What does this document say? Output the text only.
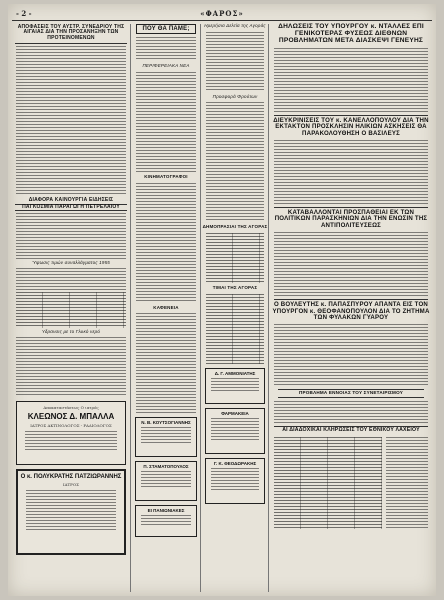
- 2 -	«ΦΑΡΟΣ»
ΑΠΟΦΑΣΕΙΣ ΤΟΥ ΑΥΣΤΡ. ΣΥΝΕΔΡΙΟΥ ΤΗΣ ΑΙΓΑΙΑΣ ΔΙΑ ΤΗΝ ΠΡΟΣΑΝΗΞΗΝ ΤΩΝ ΠΡΟΤΕΙΝΟΜΕΝΩΝ
ΔΙΑΦΟΡΑ ΚΑΙΝΟΥΡΓΙΑ ΕΙΔΗΣΕΙΣ
ΠΑΓΚΟΣΜΙΑ ΠΑΡΑΓΩΓΗ ΠΕΤΡΕΛΑΙΟΥ
Ύψωσις τιμών συναλλάγματος 1955
Υδρανσις με το Γλυκό νερό
Αποκαταστάσεως Ο ιατρός
ΚΛΕΩΝΟΣ Δ. ΜΠΑΛΛΑ
ΙΑΤΡΟΣ ΑΚΤΙΝΟΛΟΓΟΣ - ΡΑΔΙΟΛΟΓΟΣ
Ο κ. ΠΟΛΥΚΡΑΤΗΣ ΠΑΤΖΙΩΡΑΝΝΗΣ
ΙΑΤΡΟΣ
ΠΟΥ ΘΑ ΠΑΜΕ;
ΠΕΡΙΦΕΡΕΙΑΚΑ ΝΕΑ
ΚΙΝΗΜΑΤΟΓΡΑΦΟΙ
ΚΑΦΕΝΕΙΑ
Ν. Β. ΚΟΥΤΣΟΓΙΑΝΝΗΣ
Π. ΣΤΑΜΑΤΟΠΟΥΛΟΣ
ΕΙ ΠΑΝΙΩΝΙΑΚΕΣ
Ημερήσια Δελτία της Αγοράς
Προσφορά Φρούτων
ΔΗΜΟΠΡΑΣΙΑΙ ΤΗΣ ΑΓΟΡΑΣ
ΤΙΜΑΙ ΤΗΣ ΑΓΟΡΑΣ
Δ. Γ. ΑΜΜΟΝΙΑΤΗΣ
ΦΑΡΜΑΚΕΙΑ
Γ. Κ. ΘΕΟΔΩΡΑΚΗΣ
ΔΗΛΩΣΕΙΣ ΤΟΥ ΥΠΟΥΡΓΟΥ κ. ΝΤΑΛΛΕΣ ΕΠΙ ΓΕΝΙΚΟΤΕΡΑΣ ΦΥΣΕΩΣ ΔΙΕΘΝΩΝ ΠΡΟΒΛΗΜΑΤΩΝ ΜΕΤΑ ΔΙΑΣΚΕΨΙ ΓΕΝΕΥΗΣ
ΔΙΕΥΚΡΙΝΙΣΕΙΣ ΤΟΥ κ. ΚΑΝΕΛΛΟΠΟΥΛΟΥ ΔΙΑ ΤΗΝ ΕΚΤΑΚΤΟΝ ΠΡΟΣΚΛΗΣΙΝ ΗΛΙΚΙΩΝ ΑΣΚΗΣΕΙΣ ΘΑ ΠΑΡΑΚΟΛΟΥΘΗΣΗ Ο ΒΑΣΙΛΕΥΣ
ΚΑΤΑΒΑΛΛΟΝΤΑΙ ΠΡΟΣΠΑΘΕΙΑΙ ΕΚ ΤΩΝ ΠΟΛΙΤΙΚΩΝ ΠΑΡΑΣΚΗΝΙΩΝ ΔΙΑ ΤΗΝ ΕΝΩΣΙΝ ΤΗΣ ΑΝΤΙΠΟΛΙΤΕΥΣΕΩΣ
Ο ΒΟΥΛΕΥΤΗΣ κ. ΠΑΠΑΣΠΥΡΟΥ ΑΠΑΝΤΑ ΕΙΣ ΤΟΝ ΥΠΟΥΡΓΟΝ κ. ΘΕΟΦΑΝΟΠΟΥΛΟΝ ΔΙΑ ΤΟ ΖΗΤΗΜΑ ΤΩΝ ΦΥΛΑΚΩΝ ΓΥΑΡΟΥ
ΠΡΟΒΛΗΜΑ ΕΝΝΟΙΑΣ ΤΟΥ ΣΥΝΕΤΑΙΡΙΣΜΟΥ
ΑΙ ΔΙΑΔΟΧΙΚΑΙ ΚΛΗΡΩΣΕΙΣ ΤΟΥ ΕΘΝΙΚΟΥ ΛΑΧΕΙΟΥ
